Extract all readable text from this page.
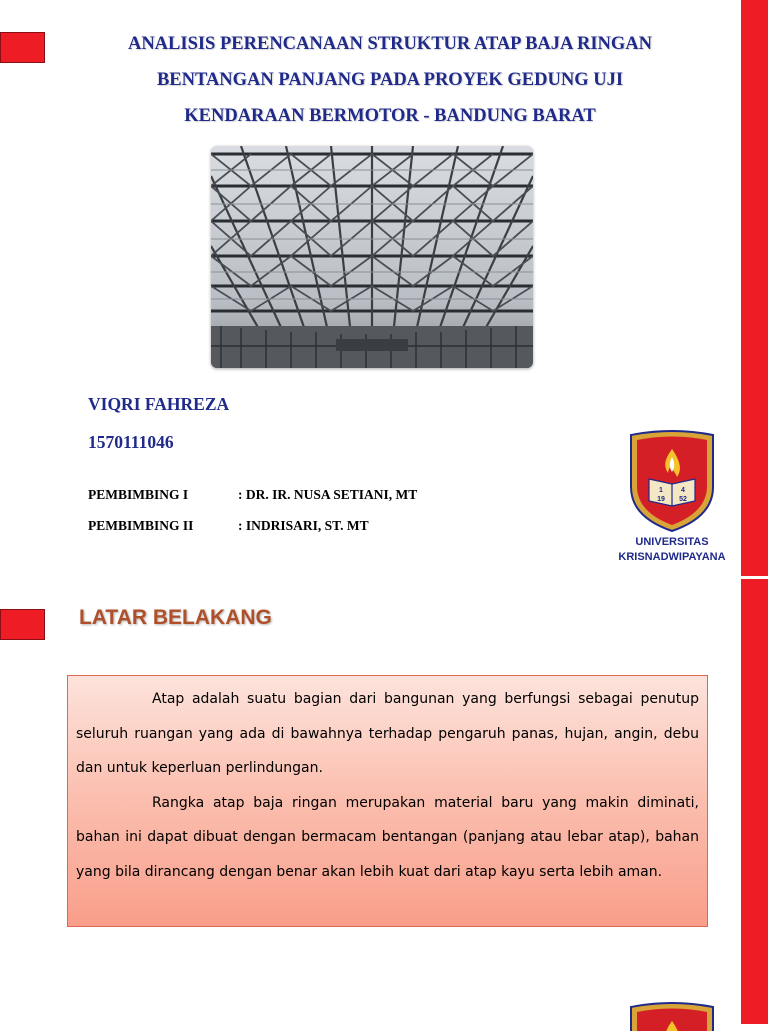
ANALISIS PERENCANAAN STRUKTUR ATAP BAJA RINGAN
BENTANGAN PANJANG PADA PROYEK GEDUNG UJI
KENDARAAN BERMOTOR - BANDUNG BARAT
VIQRI FAHREZA
1570111046
PEMBIMBING I	: DR. IR. NUSA SETIANI, MT
PEMBIMBING II	: INDRISARI, ST. MT
1	4
19 52
UNIVERSITAS
KRISNADWIPAYANA
LATAR BELAKANG

Atap adalah suatu bagian dari bangunan yang berfungsi sebagai penutup seluruh ruangan yang ada di bawahnya terhadap pengaruh panas, hujan, angin, debu dan untuk keperluan perlindungan.

Rangka atap baja ringan merupakan material baru yang makin diminati, bahan ini dapat dibuat dengan bermacam bentangan (panjang atau lebar atap), bahan yang bila dirancang dengan benar akan lebih kuat dari atap kayu serta lebih aman.
